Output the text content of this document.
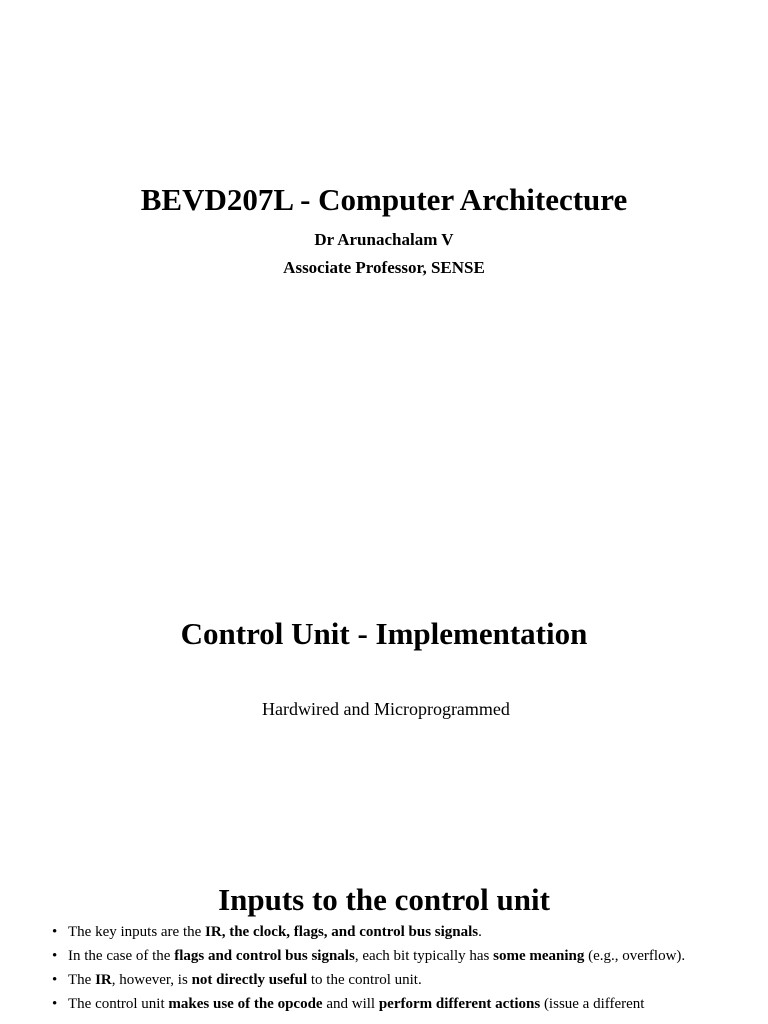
BEVD207L - Computer Architecture
Dr Arunachalam V
Associate Professor, SENSE
Control Unit - Implementation
Hardwired and Microprogrammed
Inputs to the control unit
• The key inputs are the IR, the clock, flags, and control bus signals.
• In the case of the flags and control bus signals, each bit typically has some meaning (e.g., overflow).
• The IR, however, is not directly useful to the control unit.
• The control unit makes use of the opcode and will perform different actions (issue a different
